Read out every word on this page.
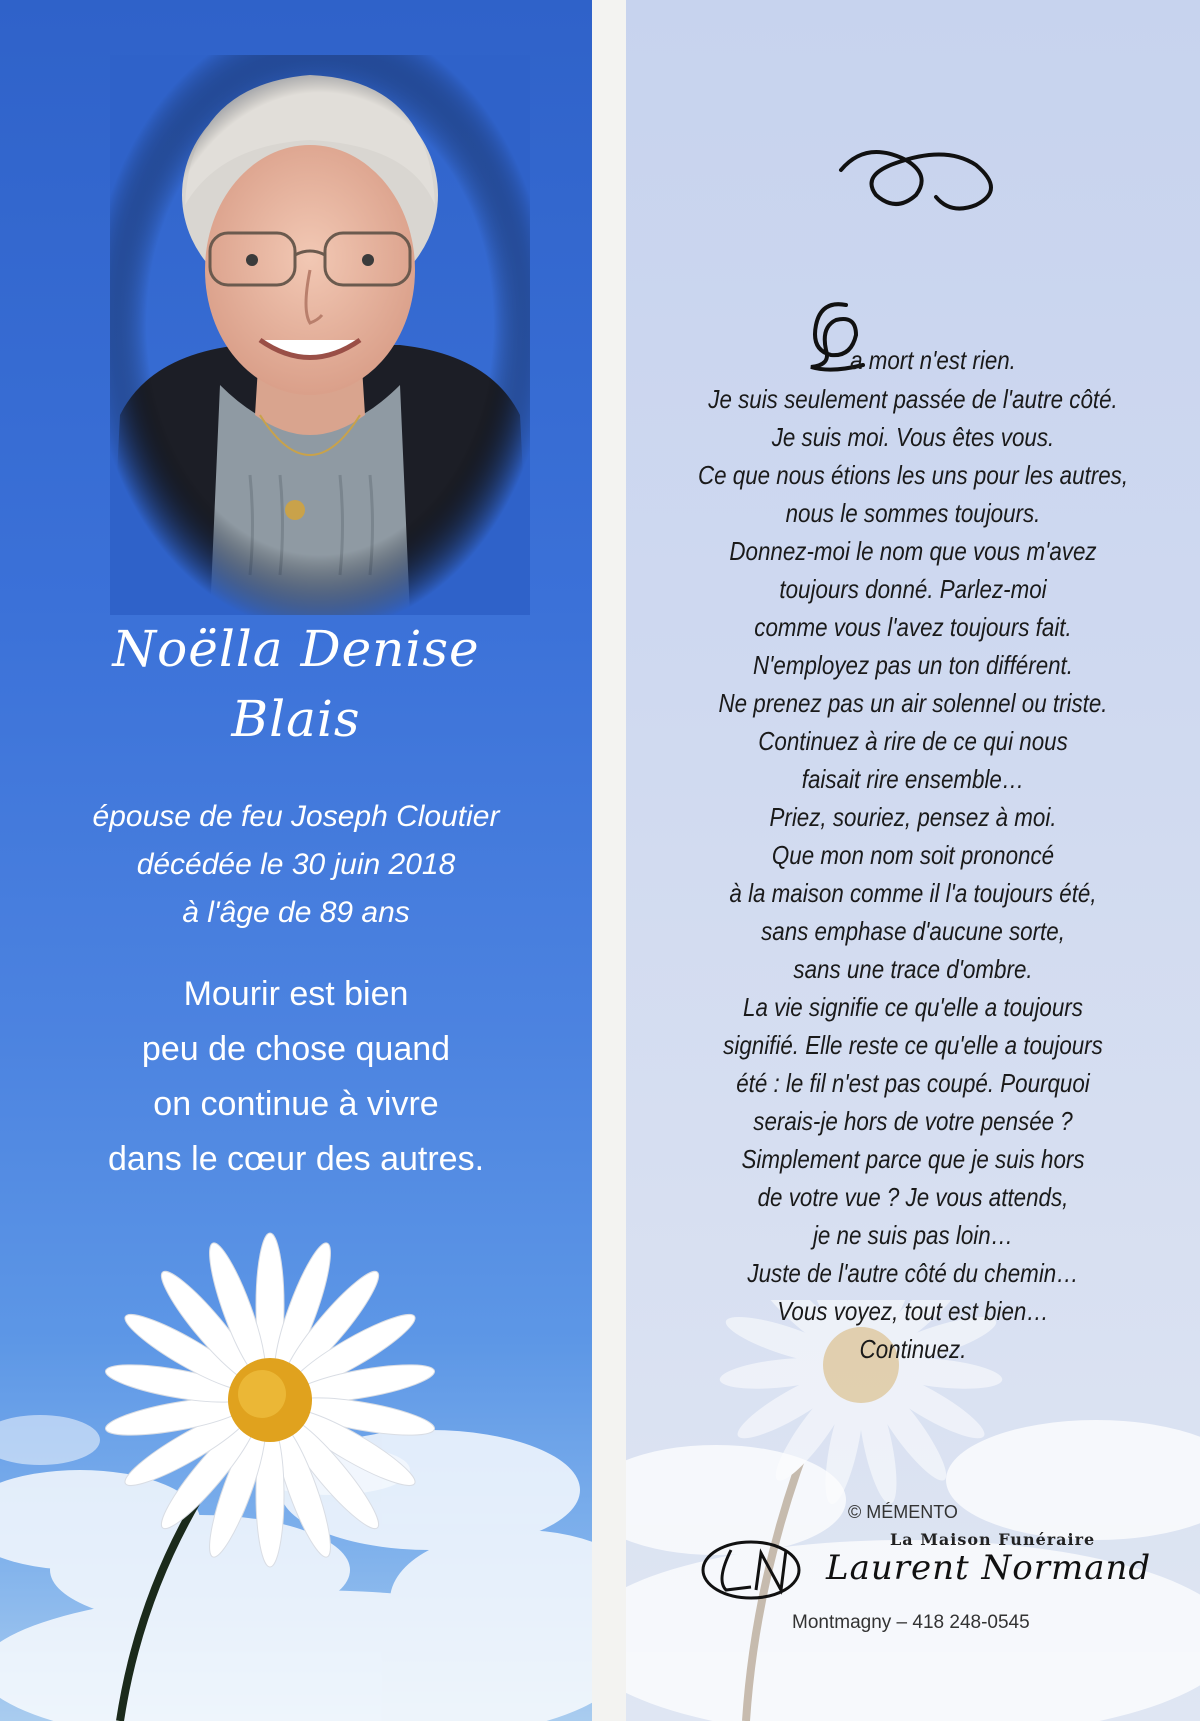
Noëlla Denise
Blais
épouse de feu Joseph Cloutier
décédée le 30 juin 2018
à l'âge de 89 ans
Mourir est bien
peu de chose quand
on continue à vivre
dans le cœur des autres.
a mort n'est rien.
Je suis seulement passée de l'autre côté.
Je suis moi. Vous êtes vous.
Ce que nous étions les uns pour les autres,
nous le sommes toujours.
Donnez-moi le nom que vous m'avez
toujours donné. Parlez-moi
comme vous l'avez toujours fait.
N'employez pas un ton différent.
Ne prenez pas un air solennel ou triste.
Continuez à rire de ce qui nous
faisait rire ensemble…
Priez, souriez, pensez à moi.
Que mon nom soit prononcé
à la maison comme il l'a toujours été,
sans emphase d'aucune sorte,
sans une trace d'ombre.
La vie signifie ce qu'elle a toujours
signifié. Elle reste ce qu'elle a toujours
été : le fil n'est pas coupé. Pourquoi
serais-je hors de votre pensée ?
Simplement parce que je suis hors
de votre vue ? Je vous attends,
je ne suis pas loin…
Juste de l'autre côté du chemin…
Vous voyez, tout est bien…
Continuez.
© MÉMENTO
La Maison Funéraire
Laurent Normand
Montmagny – 418 248-0545
